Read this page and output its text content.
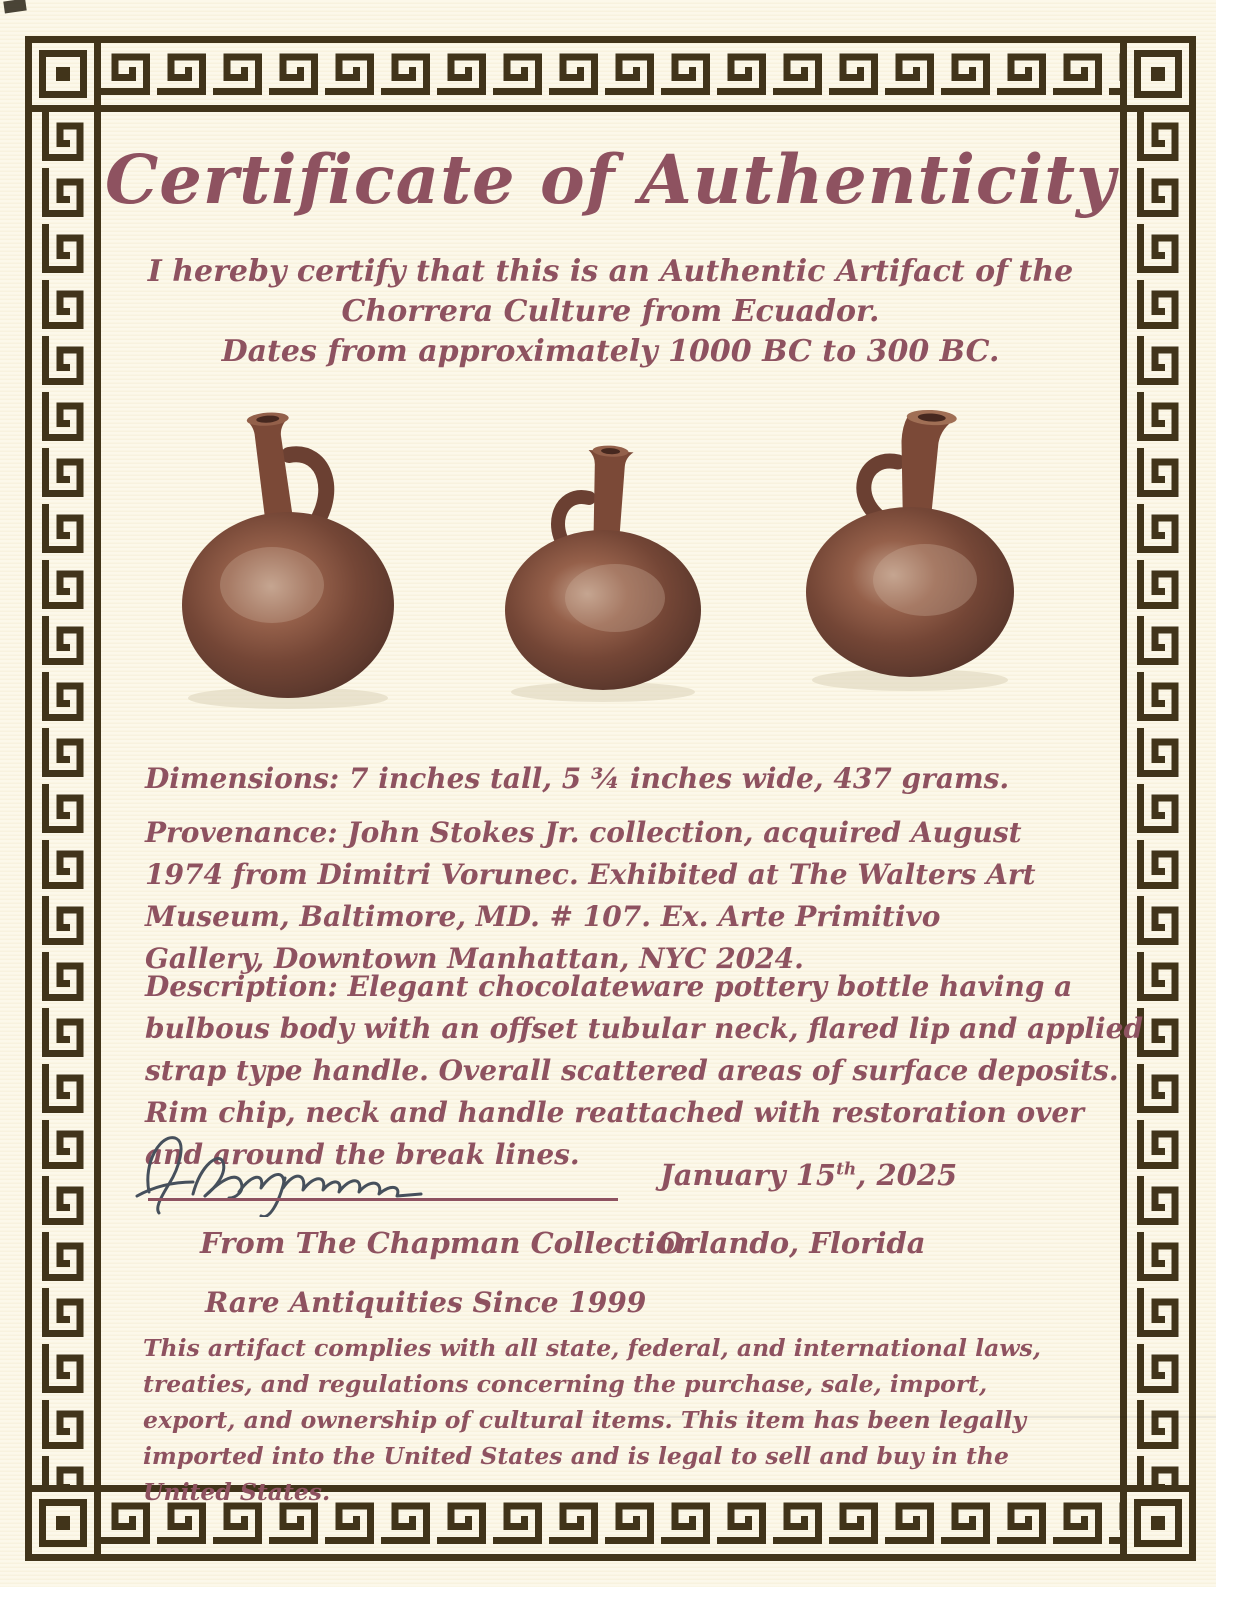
Certificate of Authenticity
I hereby certify that this is an Authentic Artifact of the
Chorrera Culture from Ecuador.
Dates from approximately 1000 BC to 300 BC.

Dimensions: 7 inches tall, 5 ¾ inches wide, 437 grams.

Provenance: John Stokes Jr. collection, acquired August 1974 from Dimitri Vorunec. Exhibited at The Walters Art Museum, Baltimore, MD. # 107. Ex. Arte Primitivo Gallery, Downtown Manhattan, NYC 2024.

Description: Elegant chocolateware pottery bottle having a bulbous body with an offset tubular neck, flared lip and applied strap type handle. Overall scattered areas of surface deposits. Rim chip, neck and handle reattached with restoration over and around the break lines.

January 15th, 2025
From The Chapman Collection
Orlando, Florida
Rare Antiquities Since 1999

This artifact complies with all state, federal, and international laws, treaties, and regulations concerning the purchase, sale, import, export, and ownership of cultural items. This item has been legally imported into the United States and is legal to sell and buy in the United States.
